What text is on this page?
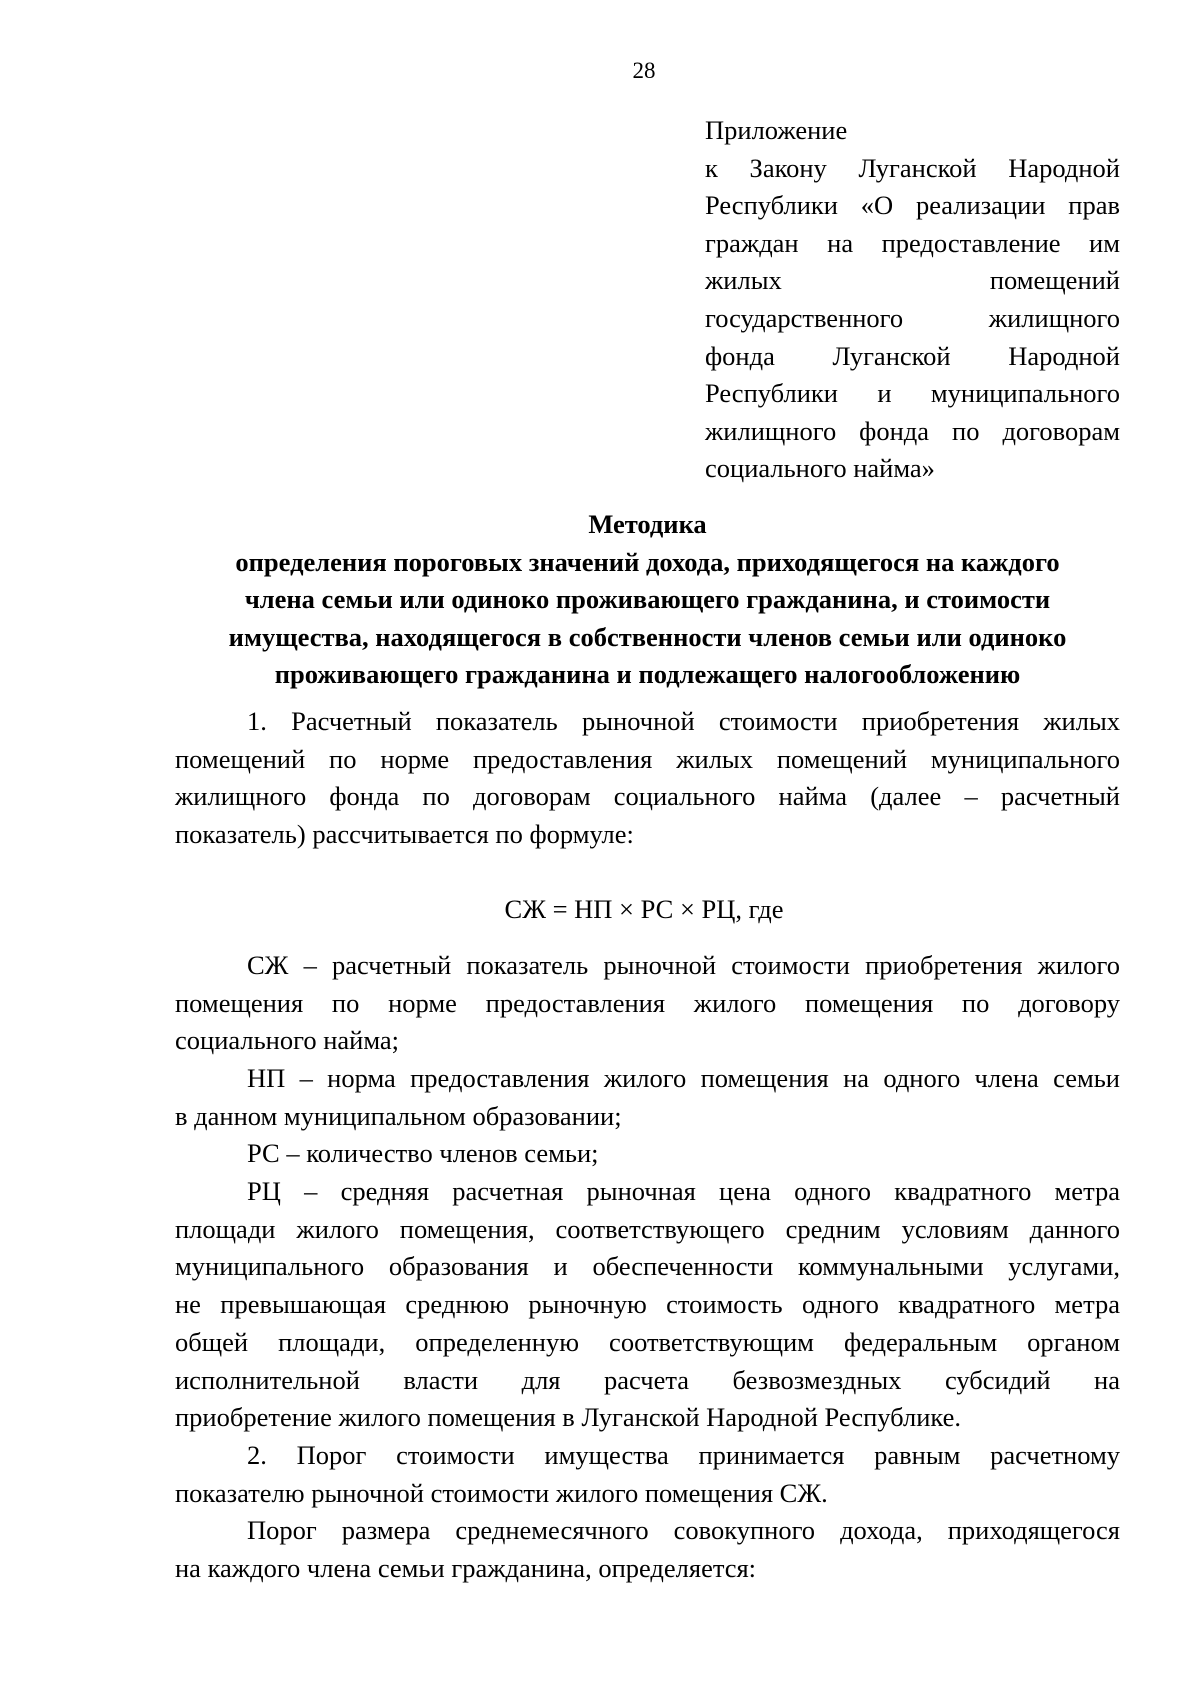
28
Приложение
к Закону Луганской Народной
Республики «О реализации прав
граждан на предоставление им
жилых помещений
государственного жилищного
фонда Луганской Народной
Республики и муниципального
жилищного фонда по договорам
социального найма»
Методика
определения пороговых значений дохода, приходящегося на каждого
члена семьи или одиноко проживающего гражданина, и стоимости
имущества, находящегося в собственности членов семьи или одиноко
проживающего гражданина и подлежащего налогообложению
1. Расчетный показатель рыночной стоимости приобретения жилых
помещений по норме предоставления жилых помещений муниципального
жилищного фонда по договорам социального найма (далее – расчетный
показатель) рассчитывается по формуле:
СЖ = НП × РС × РЦ, где
СЖ – расчетный показатель рыночной стоимости приобретения жилого
помещения по норме предоставления жилого помещения по договору
социального найма;
НП – норма предоставления жилого помещения на одного члена семьи
в данном муниципальном образовании;
РС – количество членов семьи;
РЦ – средняя расчетная рыночная цена одного квадратного метра
площади жилого помещения, соответствующего средним условиям данного
муниципального образования и обеспеченности коммунальными услугами,
не превышающая среднюю рыночную стоимость одного квадратного метра
общей площади, определенную соответствующим федеральным органом
исполнительной власти для расчета безвозмездных субсидий на
приобретение жилого помещения в Луганской Народной Республике.
2. Порог стоимости имущества принимается равным расчетному
показателю рыночной стоимости жилого помещения СЖ.
Порог размера среднемесячного совокупного дохода, приходящегося
на каждого члена семьи гражданина, определяется:
